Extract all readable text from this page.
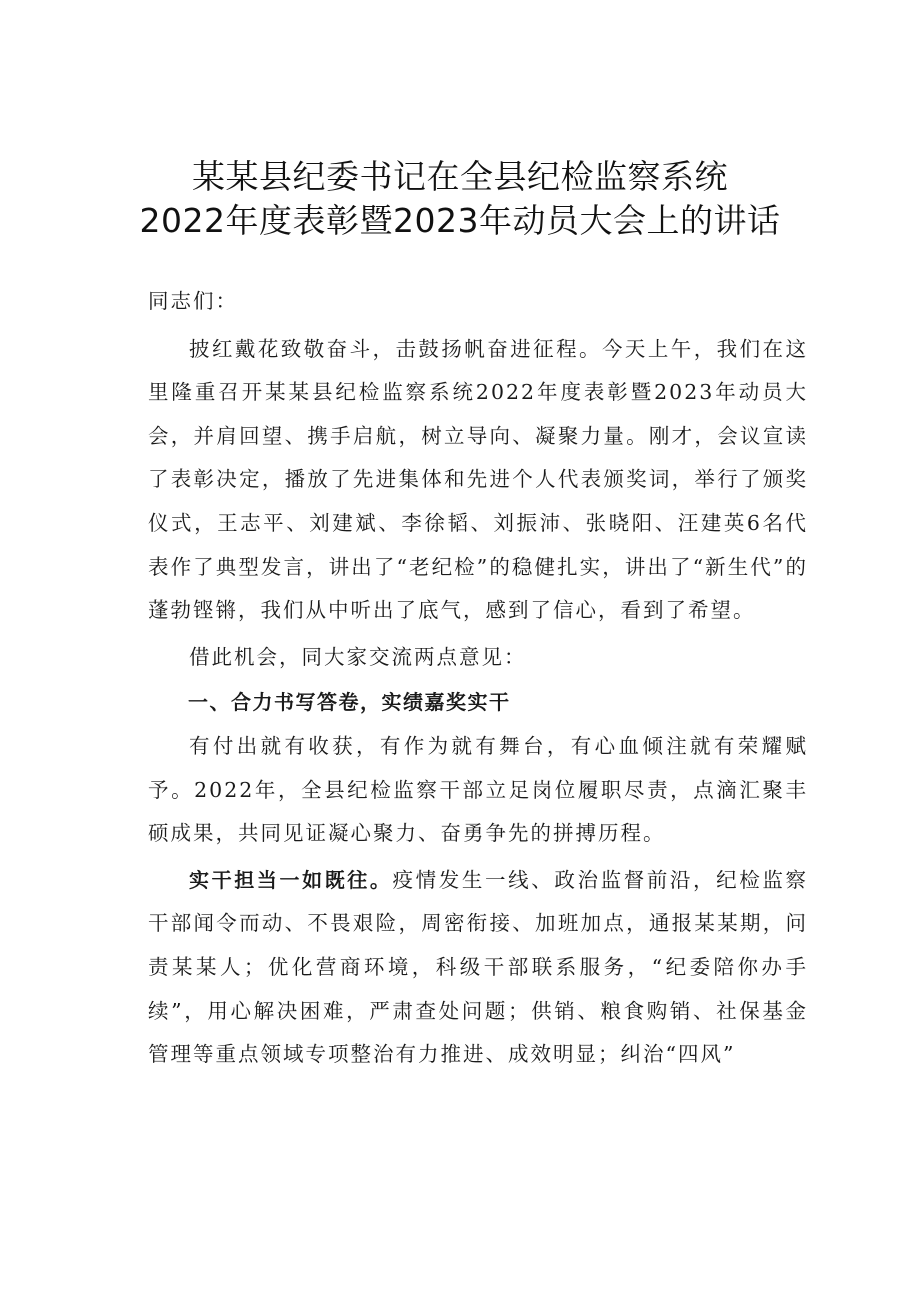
某某县纪委书记在全县纪检监察系统
2022年度表彰暨2023年动员大会上的讲话

同志们：

披红戴花致敬奋斗，击鼓扬帆奋进征程。今天上午，我们在这里隆重召开某某县纪检监察系统2022年度表彰暨2023年动员大会，并肩回望、携手启航，树立导向、凝聚力量。刚才，会议宣读了表彰决定，播放了先进集体和先进个人代表颁奖词，举行了颁奖仪式，王志平、刘建斌、李徐韬、刘振沛、张晓阳、汪建英6名代表作了典型发言，讲出了“老纪检”的稳健扎实，讲出了“新生代”的蓬勃铿锵，我们从中听出了底气，感到了信心，看到了希望。

借此机会，同大家交流两点意见：

一、合力书写答卷，实绩嘉奖实干

有付出就有收获，有作为就有舞台，有心血倾注就有荣耀赋予。2022年，全县纪检监察干部立足岗位履职尽责，点滴汇聚丰硕成果，共同见证凝心聚力、奋勇争先的拼搏历程。

实干担当一如既往。疫情发生一线、政治监督前沿，纪检监察干部闻令而动、不畏艰险，周密衔接、加班加点，通报某某期，问责某某人；优化营商环境，科级干部联系服务，“纪委陪你办手续”，用心解决困难，严肃查处问题；供销、粮食购销、社保基金管理等重点领域专项整治有力推进、成效明显；纠治“四风”
